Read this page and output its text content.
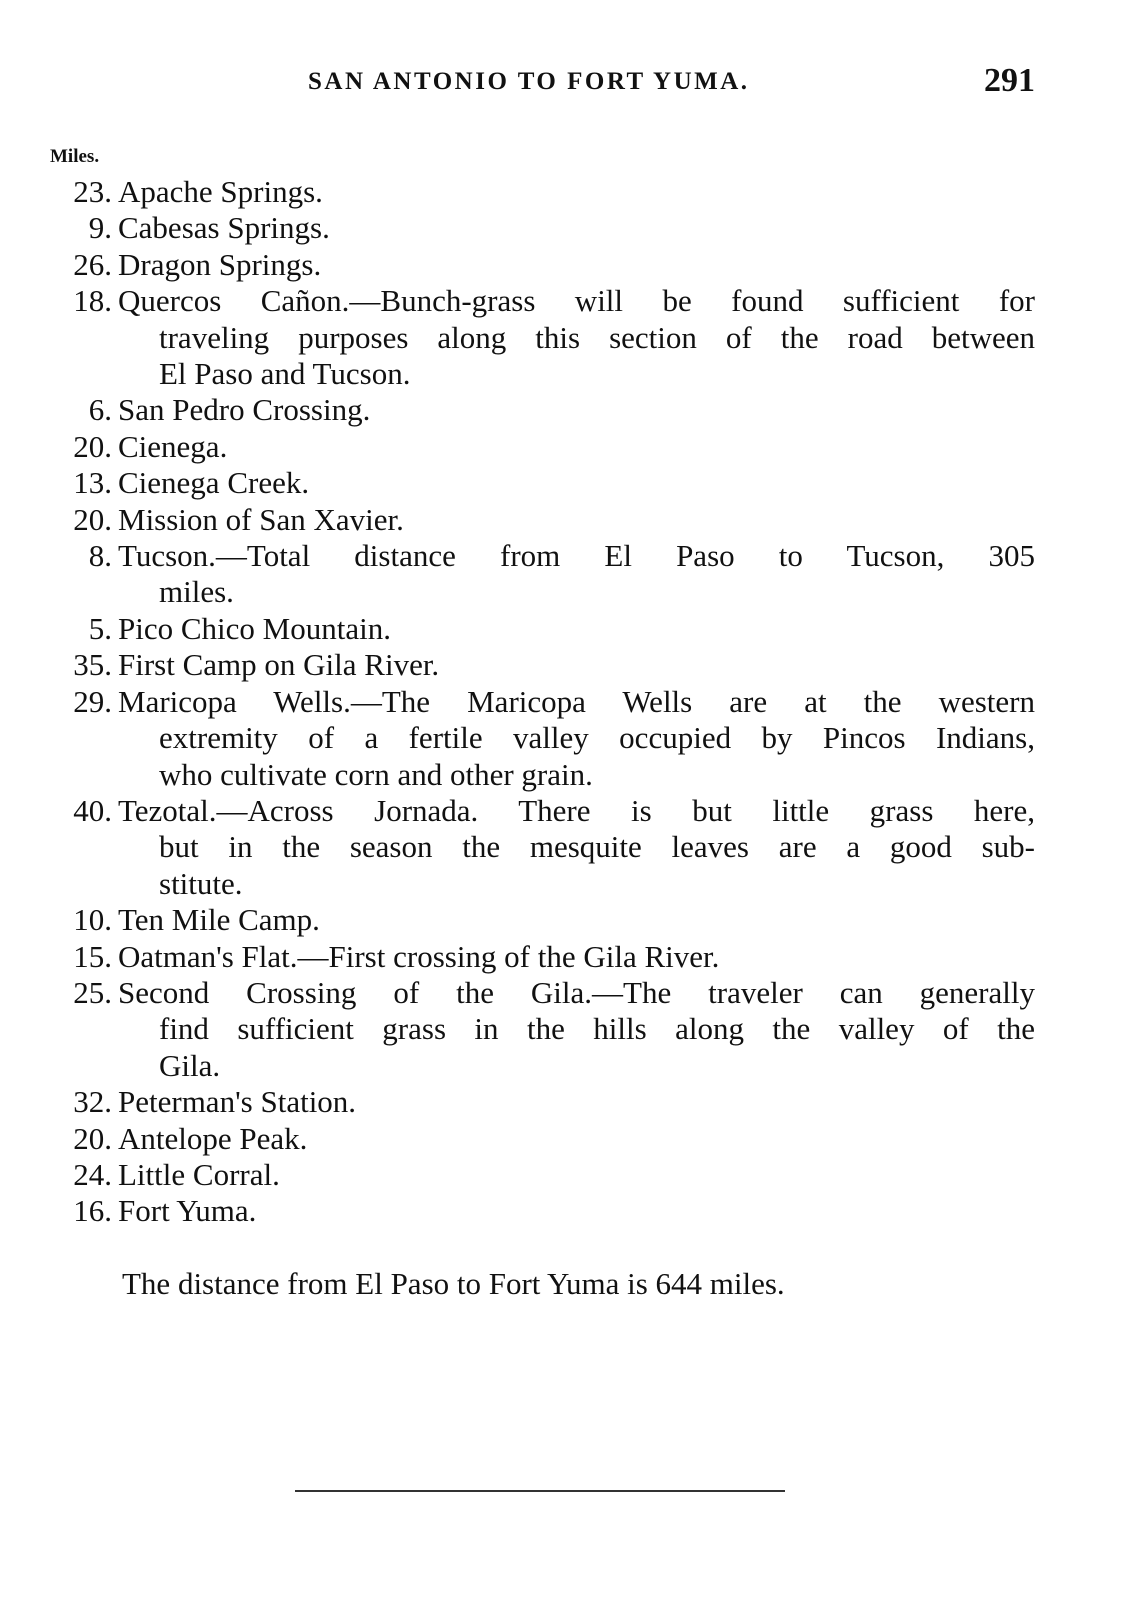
SAN ANTONIO TO FORT YUMA.	291
Miles.
23. Apache Springs.
9. Cabesas Springs.
26. Dragon Springs.
18. Quercos Cañon.—Bunch-grass will be found sufficient for
traveling purposes along this section of the road between
El Paso and Tucson.
6. San Pedro Crossing.
20. Cienega.
13. Cienega Creek.
20. Mission of San Xavier.
8. Tucson.—Total distance from El Paso to Tucson, 305
miles.
5. Pico Chico Mountain.
35. First Camp on Gila River.
29. Maricopa Wells.—The Maricopa Wells are at the western
extremity of a fertile valley occupied by Pincos Indians,
who cultivate corn and other grain.
40. Tezotal.—Across Jornada. There is but little grass here,
but in the season the mesquite leaves are a good sub-
stitute.
10. Ten Mile Camp.
15. Oatman's Flat.—First crossing of the Gila River.
25. Second Crossing of the Gila.—The traveler can generally
find sufficient grass in the hills along the valley of the
Gila.
32. Peterman's Station.
20. Antelope Peak.
24. Little Corral.
16. Fort Yuma.
The distance from El Paso to Fort Yuma is 644 miles.
